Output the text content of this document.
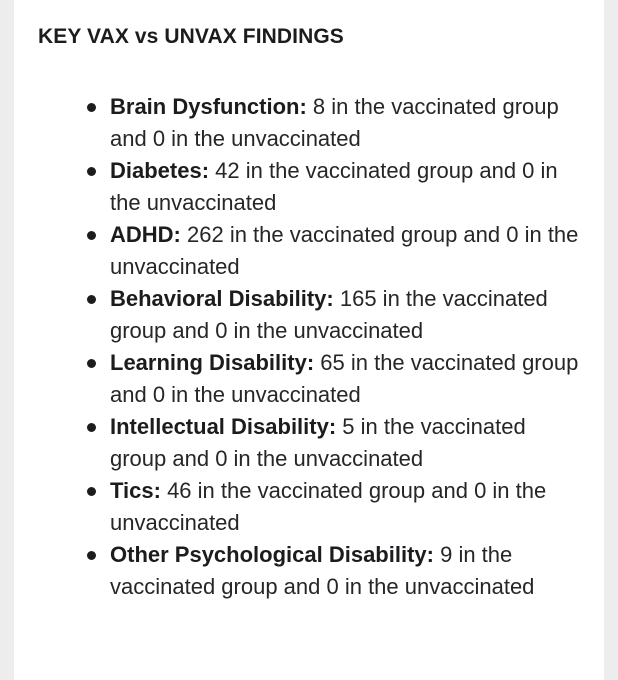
KEY VAX vs UNVAX FINDINGS
Brain Dysfunction: 8 in the vaccinated group and 0 in the unvaccinated
Diabetes: 42 in the vaccinated group and 0 in the unvaccinated
ADHD: 262 in the vaccinated group and 0 in the unvaccinated
Behavioral Disability: 165 in the vaccinated group and 0 in the unvaccinated
Learning Disability: 65 in the vaccinated group and 0 in the unvaccinated
Intellectual Disability: 5 in the vaccinated group and 0 in the unvaccinated
Tics: 46 in the vaccinated group and 0 in the unvaccinated
Other Psychological Disability: 9 in the vaccinated group and 0 in the unvaccinated
